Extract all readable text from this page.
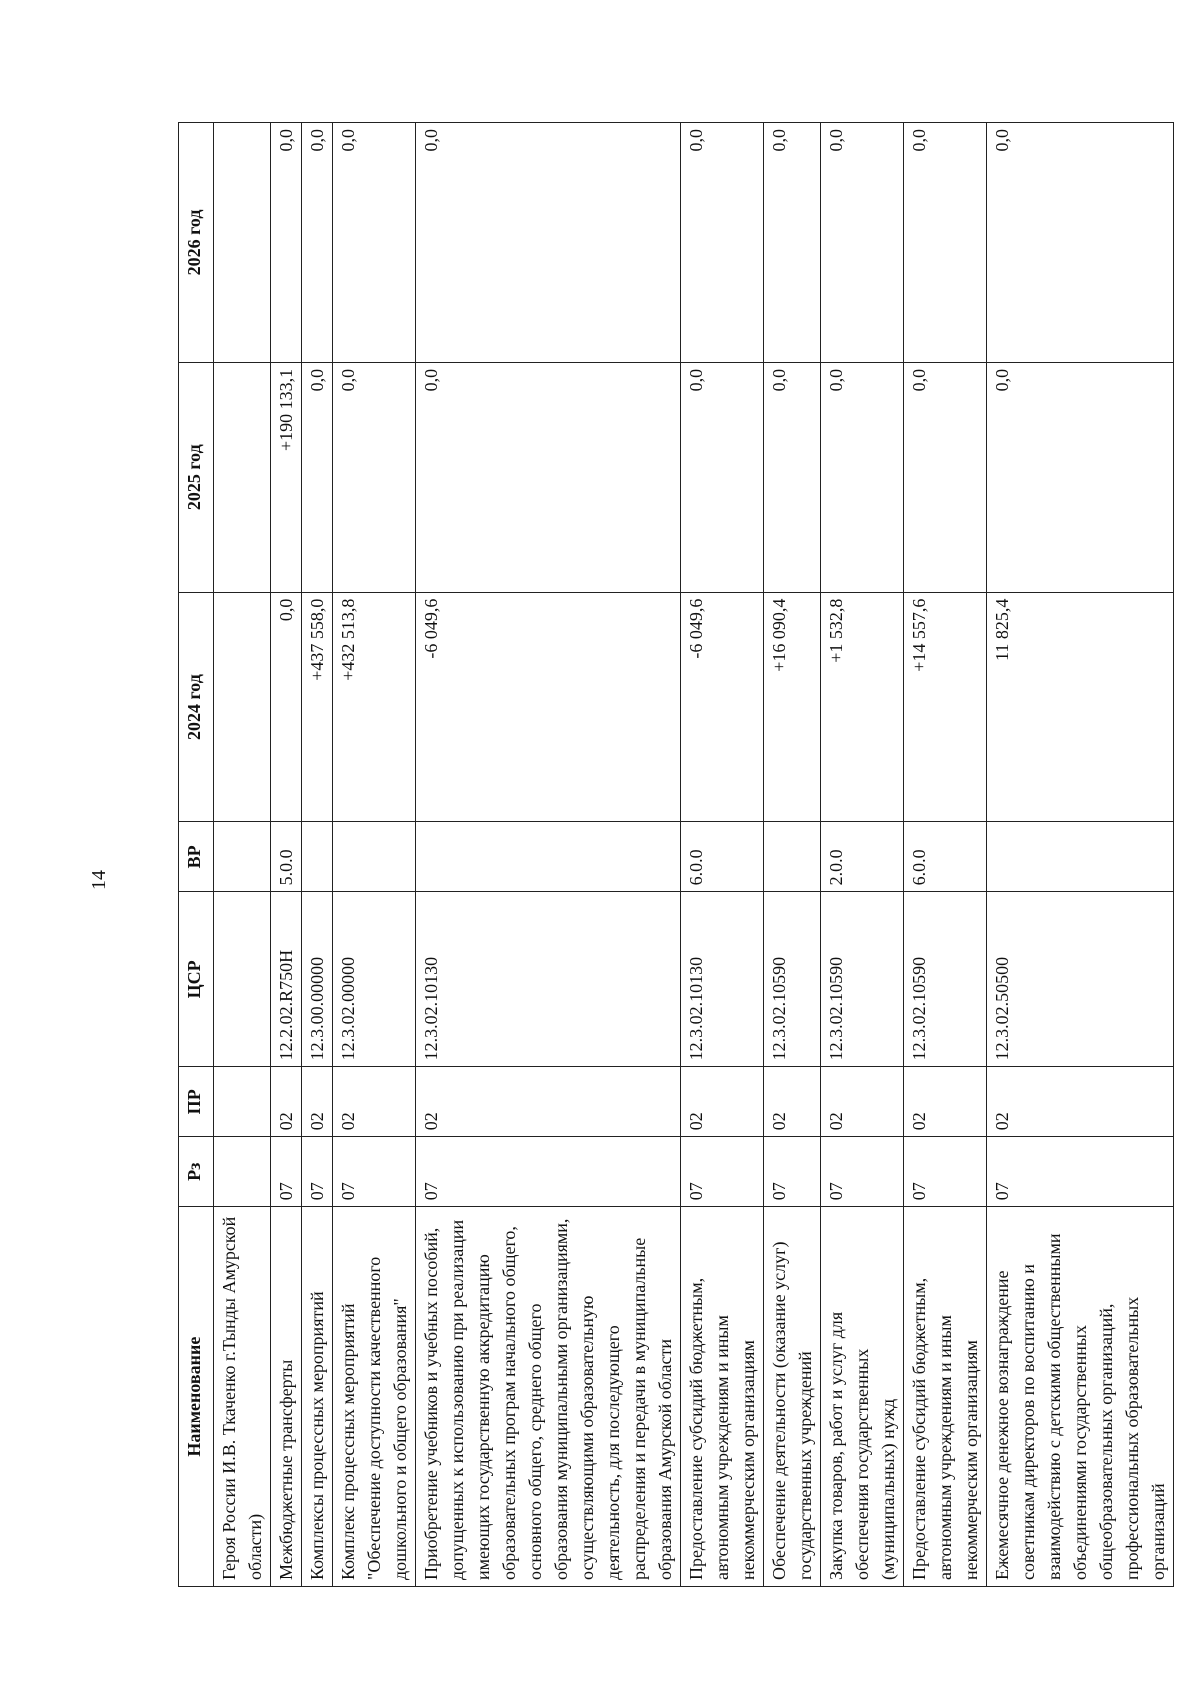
14
Наименование	Рз	ПР	ЦСР	ВР	2024 год	2025 год	2026 год
Героя России И.В. Ткаченко г.Тынды Амурской области)							
Межбюджетные трансферты	07	02	12.2.02.R750H	5.0.0	0,0	+190 133,1	0,0
Комплексы процессных мероприятий	07	02	12.3.00.00000		+437 558,0	0,0	0,0
Комплекс процессных мероприятий "Обеспечение доступности качественного дошкольного и общего образования"	07	02	12.3.02.00000		+432 513,8	0,0	0,0
Приобретение учебников и учебных пособий, допущенных к использованию при реализации имеющих государственную аккредитацию образовательных програм начального общего, основного общего, среднего общего образования муниципальными организациями, осуществляющими образовательную деятельность, для последующего распределения и передачи в муниципальные образования Амурской области	07	02	12.3.02.10130		-6 049,6	0,0	0,0
Предоставление субсидий бюджетным, автономным учреждениям и иным некоммерческим организациям	07	02	12.3.02.10130	6.0.0	-6 049,6	0,0	0,0
Обеспечение деятельности (оказание услуг) государственных учреждений	07	02	12.3.02.10590		+16 090,4	0,0	0,0
Закупка товаров, работ и услуг для обеспечения государственных (муниципальных) нужд	07	02	12.3.02.10590	2.0.0	+1 532,8	0,0	0,0
Предоставление субсидий бюджетным, автономным учреждениям и иным некоммерческим организациям	07	02	12.3.02.10590	6.0.0	+14 557,6	0,0	0,0
Ежемесячное денежное вознаграждение советникам директоров по воспитанию и взаимодействию с детскими общественными объединениями государственных общеобразовательных организаций, профессиональных образовательных организаций	07	02	12.3.02.50500		11 825,4	0,0	0,0
